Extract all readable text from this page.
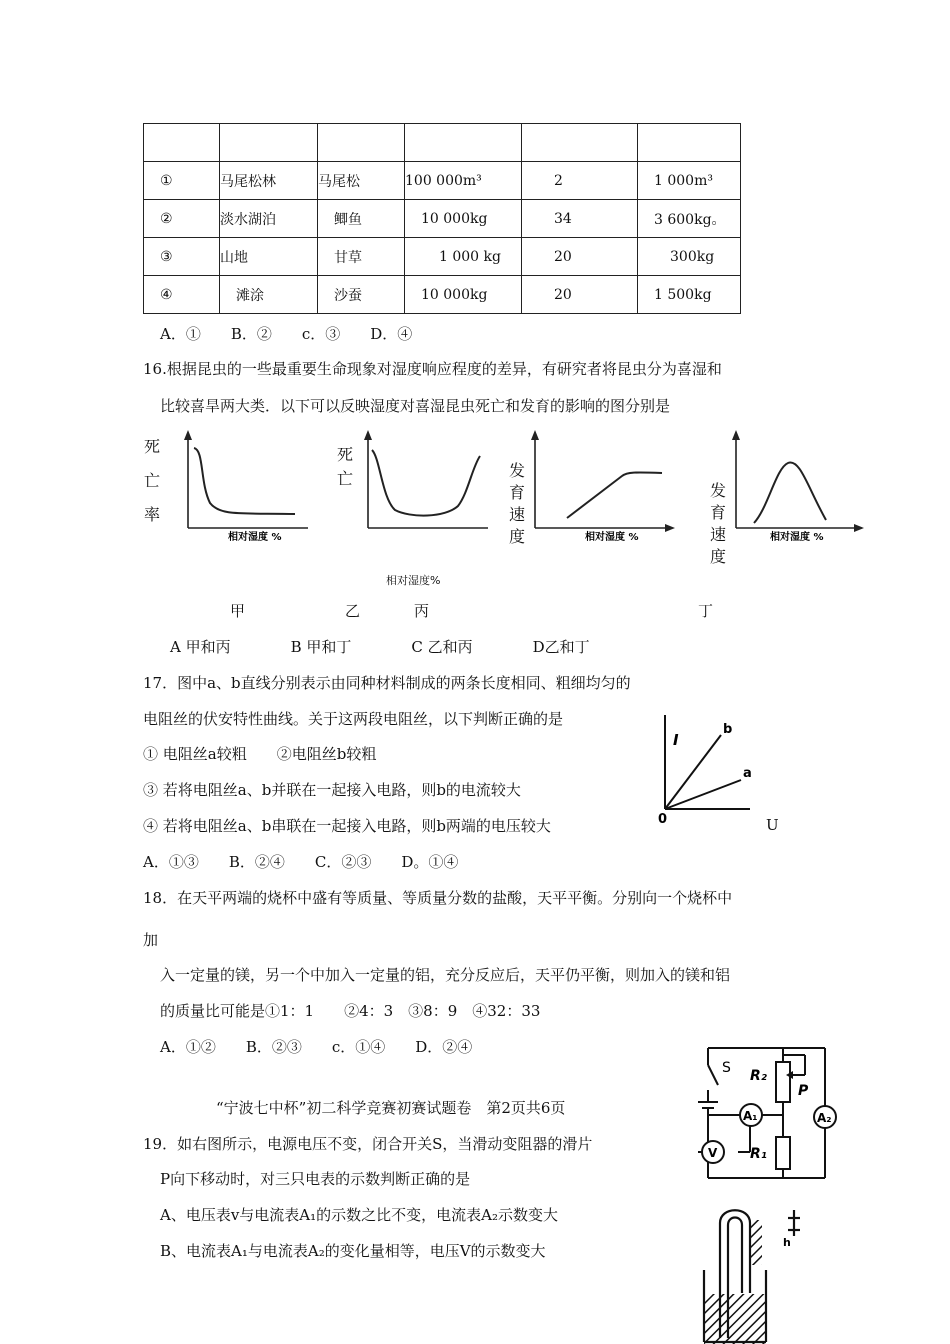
①	马尾松林	马尾松	100 000m³	2	1 000m³
②	淡水湖泊	鲫鱼	10 000kg	34	3 600kg。
③	山地	甘草	1 000 kg	20	300kg
④	滩涂	沙蚕	10 000kg	20	1 500kg
A．①　　B．②　　c．③　　D．④
16.根据昆虫的一些最重要生命现象对湿度响应程度的差异，有研究者将昆虫分为喜湿和
比较喜旱两大类．以下可以反映湿度对喜湿昆虫死亡和发育的影响的图分别是
死亡率
相对湿度 %
死亡
相对湿度%
发育速度	相对湿度 %
发育速度
相对湿度 %
甲	乙	丙	丁
A 甲和丙　　　　B 甲和丁　　　　C 乙和丙　　　　D乙和丁
17．图中a、b直线分别表示由同种材料制成的两条长度相同、粗细均匀的
电阻丝的伏安特性曲线。关于这两段电阻丝，以下判断正确的是
① 电阻丝a较粗　　②电阻丝b较粗
③ 若将电阻丝a、b并联在一起接入电路，则b的电流较大
④ 若将电阻丝a、b串联在一起接入电路，则b两端的电压较大
A．①③　　B．②④　　C．②③　　D。①④
I
b
a
0	U
18．在天平两端的烧杯中盛有等质量、等质量分数的盐酸，天平平衡。分别向一个烧杯中
加
入一定量的镁，另一个中加入一定量的铝，充分反应后，天平仍平衡，则加入的镁和铝
的质量比可能是①1：1　　②4：3　③8：9　④32：33
A．①②　　B．②③　　c．①④　　D．②④
“宁波七中杯”初二科学竞赛初赛试题卷　第2页共6页
19．如右图所示，电源电压不变，闭合开关S，当滑动变阻器的滑片
P向下移动时，对三只电表的示数判断正确的是
A、电压表v与电流表A₁的示数之比不变，电流表A₂示数变大
B、电流表A₁与电流表A₂的变化量相等，电压V的示数变大
S R₂
R₁
P
A₁	A₂
V
h
